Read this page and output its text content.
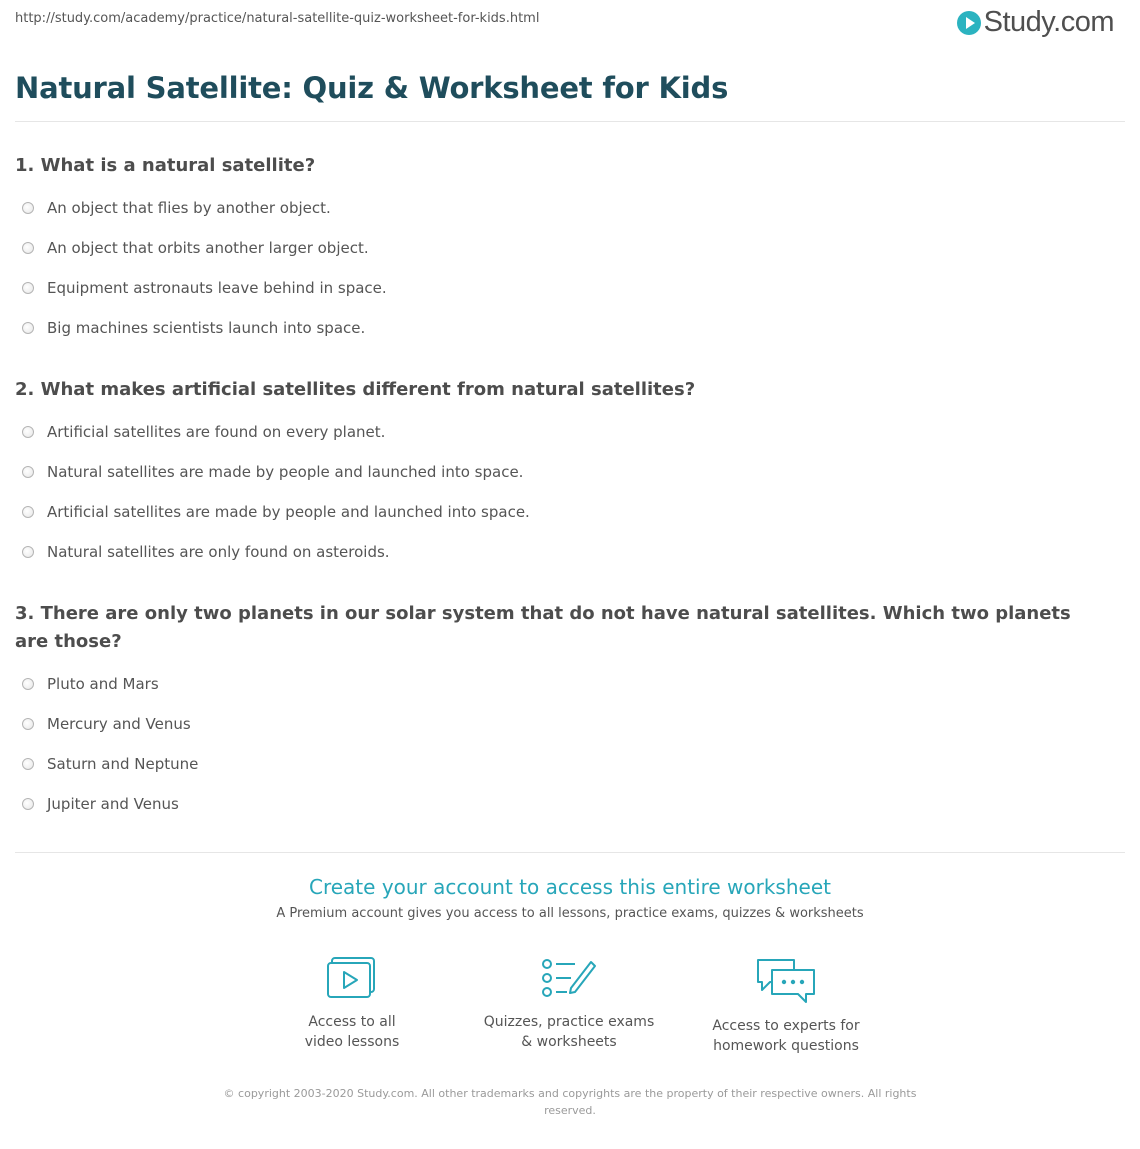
http://study.com/academy/practice/natural-satellite-quiz-worksheet-for-kids.html	Study.com
Natural Satellite: Quiz & Worksheet for Kids
1. What is a natural satellite?
An object that flies by another object.
An object that orbits another larger object.
Equipment astronauts leave behind in space.
Big machines scientists launch into space.
2. What makes artificial satellites different from natural satellites?
Artificial satellites are found on every planet.
Natural satellites are made by people and launched into space.
Artificial satellites are made by people and launched into space.
Natural satellites are only found on asteroids.
3. There are only two planets in our solar system that do not have natural satellites. Which two planets are those?
Pluto and Mars
Mercury and Venus
Saturn and Neptune
Jupiter and Venus
Create your account to access this entire worksheet
A Premium account gives you access to all lessons, practice exams, quizzes & worksheets
Access to all
video lessons
Quizzes, practice exams
& worksheets
Access to experts for
homework questions
© copyright 2003-2020 Study.com. All other trademarks and copyrights are the property of their respective owners. All rights reserved.
